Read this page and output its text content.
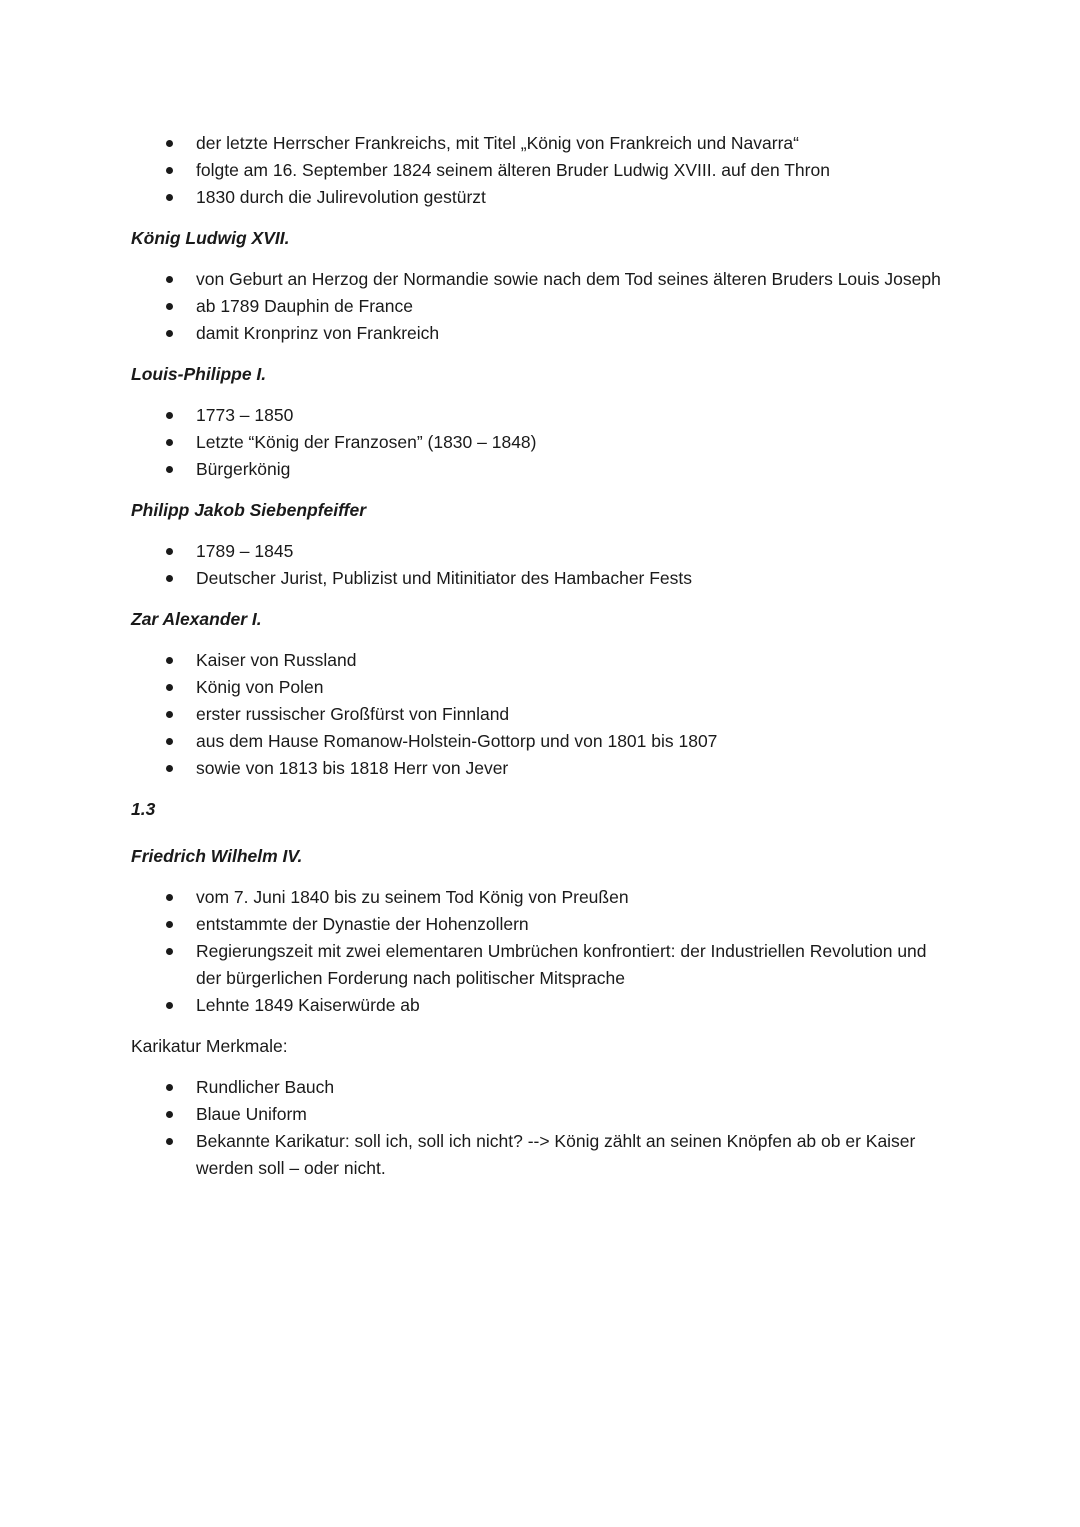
der letzte Herrscher Frankreichs, mit Titel „König von Frankreich und Navarra“
folgte am 16. September 1824 seinem älteren Bruder Ludwig XVIII. auf den Thron
1830 durch die Julirevolution gestürzt
König Ludwig XVII.
von Geburt an Herzog der Normandie sowie nach dem Tod seines älteren Bruders Louis Joseph
ab 1789 Dauphin de France
damit Kronprinz von Frankreich
Louis-Philippe I.
1773 – 1850
Letzte “König der Franzosen” (1830 – 1848)
Bürgerkönig
Philipp Jakob Siebenpfeiffer
1789 – 1845
Deutscher Jurist, Publizist und Mitinitiator des Hambacher Fests
Zar Alexander I.
Kaiser von Russland
König von Polen
erster russischer Großfürst von Finnland
aus dem Hause Romanow-Holstein-Gottorp und von 1801 bis 1807
sowie von 1813 bis 1818 Herr von Jever
1.3
Friedrich Wilhelm IV.
vom 7. Juni 1840 bis zu seinem Tod König von Preußen
entstammte der Dynastie der Hohenzollern
Regierungszeit mit zwei elementaren Umbrüchen konfrontiert: der Industriellen Revolution und der bürgerlichen Forderung nach politischer Mitsprache
Lehnte 1849 Kaiserwürde ab
Karikatur Merkmale:
Rundlicher Bauch
Blaue Uniform
Bekannte Karikatur: soll ich, soll ich nicht? --> König zählt an seinen Knöpfen ab ob er Kaiser werden soll – oder nicht.
